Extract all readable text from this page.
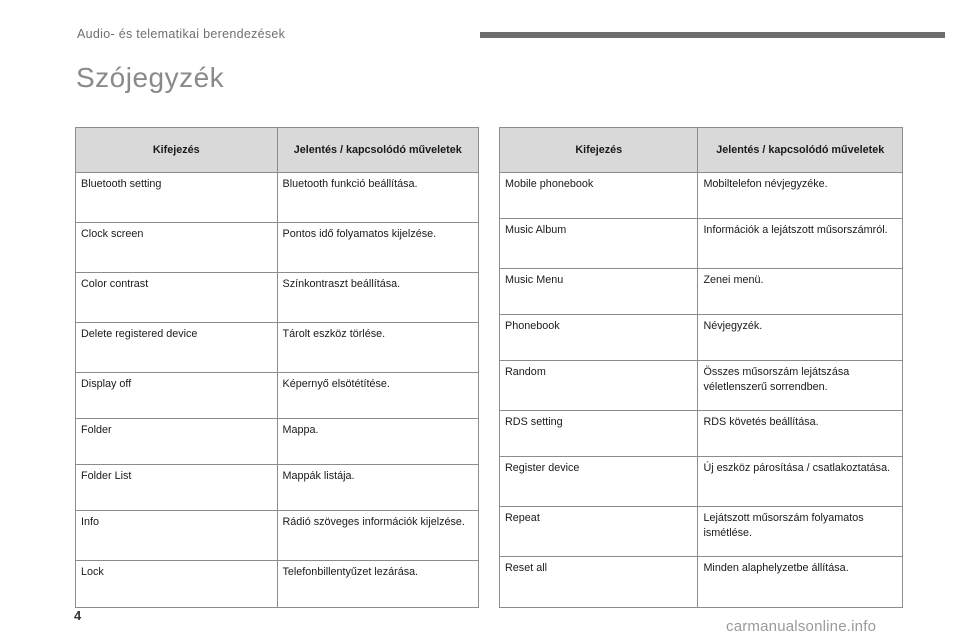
Audio- és telematikai berendezések
Szójegyzék
Kifejezés	Jelentés / kapcsolódó műveletek
Bluetooth setting	Bluetooth funkció beállítása.
Clock screen	Pontos idő folyamatos kijelzése.
Color contrast	Színkontraszt beállítása.
Delete registered device	Tárolt eszköz törlése.
Display off	Képernyő elsötétítése.
Folder	Mappa.
Folder List	Mappák listája.
Info	Rádió szöveges információk kijelzése.
Lock	Telefonbillentyűzet lezárása.
Kifejezés	Jelentés / kapcsolódó műveletek
Mobile phonebook	Mobiltelefon névjegyzéke.
Music Album	Információk a lejátszott műsorszámról.
Music Menu	Zenei menü.
Phonebook	Névjegyzék.
Random	Összes műsorszám lejátszása véletlenszerű sorrendben.
RDS setting	RDS követés beállítása.
Register device	Új eszköz párosítása / csatlakoztatása.
Repeat	Lejátszott műsorszám folyamatos ismétlése.
Reset all	Minden alaphelyzetbe állítása.
4
carmanualsonline.info
